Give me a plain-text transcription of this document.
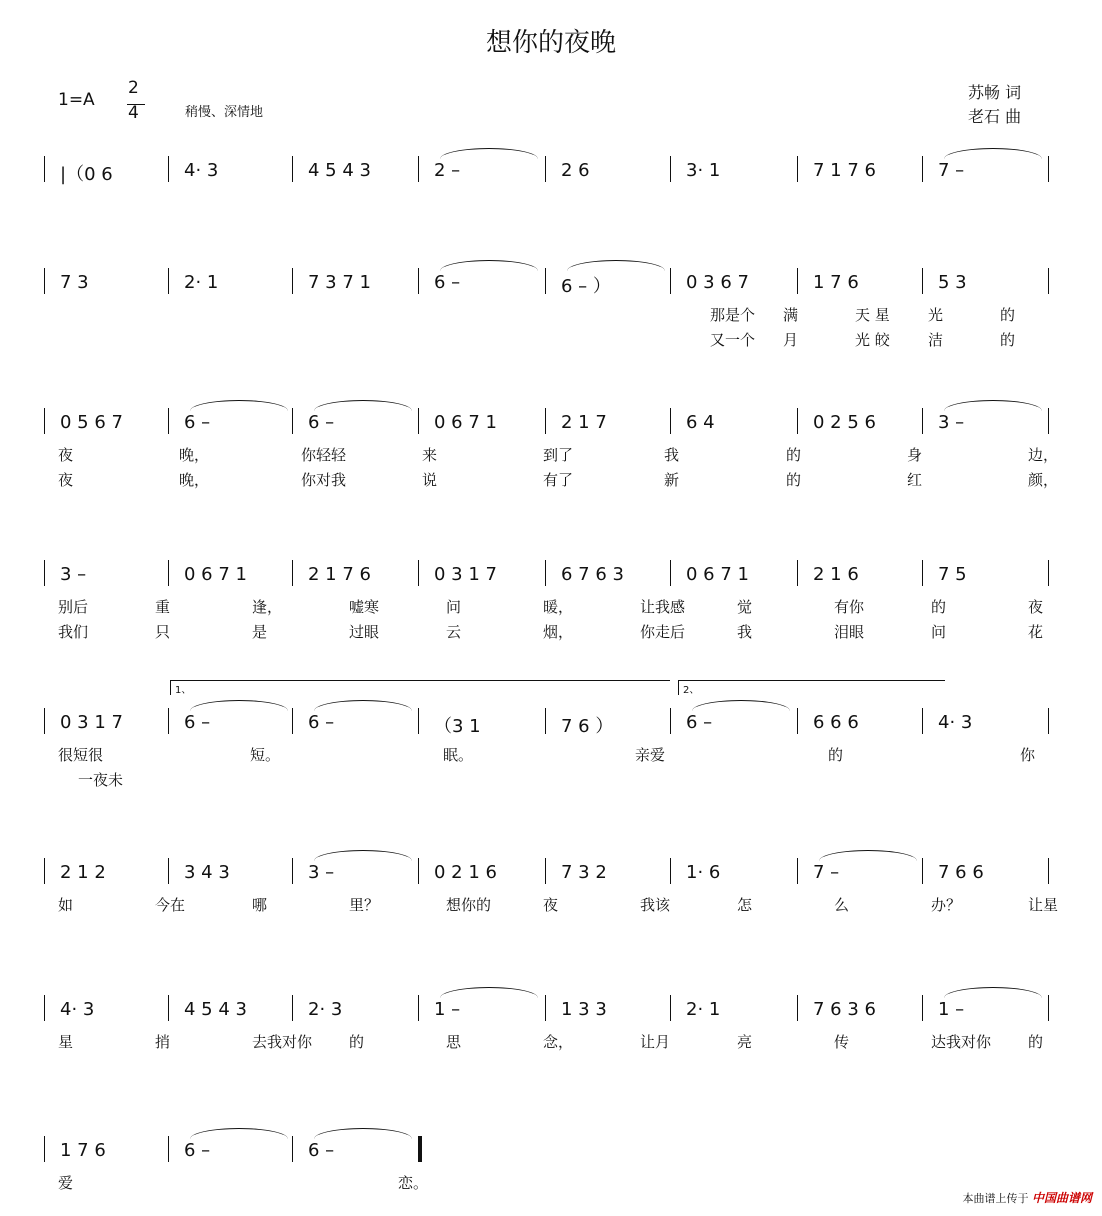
想你的夜晚
1=A
2
4	稍慢、深情地
苏畅 词
老石 曲
|（0 6	4· 3	4 5 4 3	2 –	2 6	3· 1	7 1 7 6	7 –
7 3	2· 1	7 3 7 1	6 –	6 – ）	0 3 6 7	1 7 6	5 3
那是个 满	天 星	光	的
又一个 月	光 皎	洁	的
0 5 6 7	6 –	6 –	0 6 7 1	2 1 7	6 4	0 2 5 6	3 –
夜	晚，	你轻轻	来	到了	我	的	身	边，
夜	晚，	你对我	说	有了	新	的	红	颜，
3 –	0 6 7 1	2 1 7 6	0 3 1 7	6 7 6 3	0 6 7 1	2 1 6	7 5
别后	重	逢，	嘘寒	问	暖，	让我感	觉	有你	的	夜
我们	只	是	过眼	云	烟，	你走后	我	泪眼	问	花
0 3 1 7	6 –	6 –	（3 1	7 6 ）	6 –	6 6 6	4· 3
很短很	短。	眠。	亲爱	的	你
一夜未
1、	2、
2 1 2	3 4 3	3 –	0 2 1 6	7 3 2	1· 6	7 –	7 6 6
如	今在	哪	里？	想你的	夜	我该	怎	么	办？	让星
4· 3	4 5 4 3	2· 3	1 –	1 3 3	2· 1	7 6 3 6	1 –
星	捎	去我对你 的	思	念，	让月	亮	传	达我对你 的
1 7 6	6 –	6 –
爱	恋。
本曲谱上传于 中国曲谱网
